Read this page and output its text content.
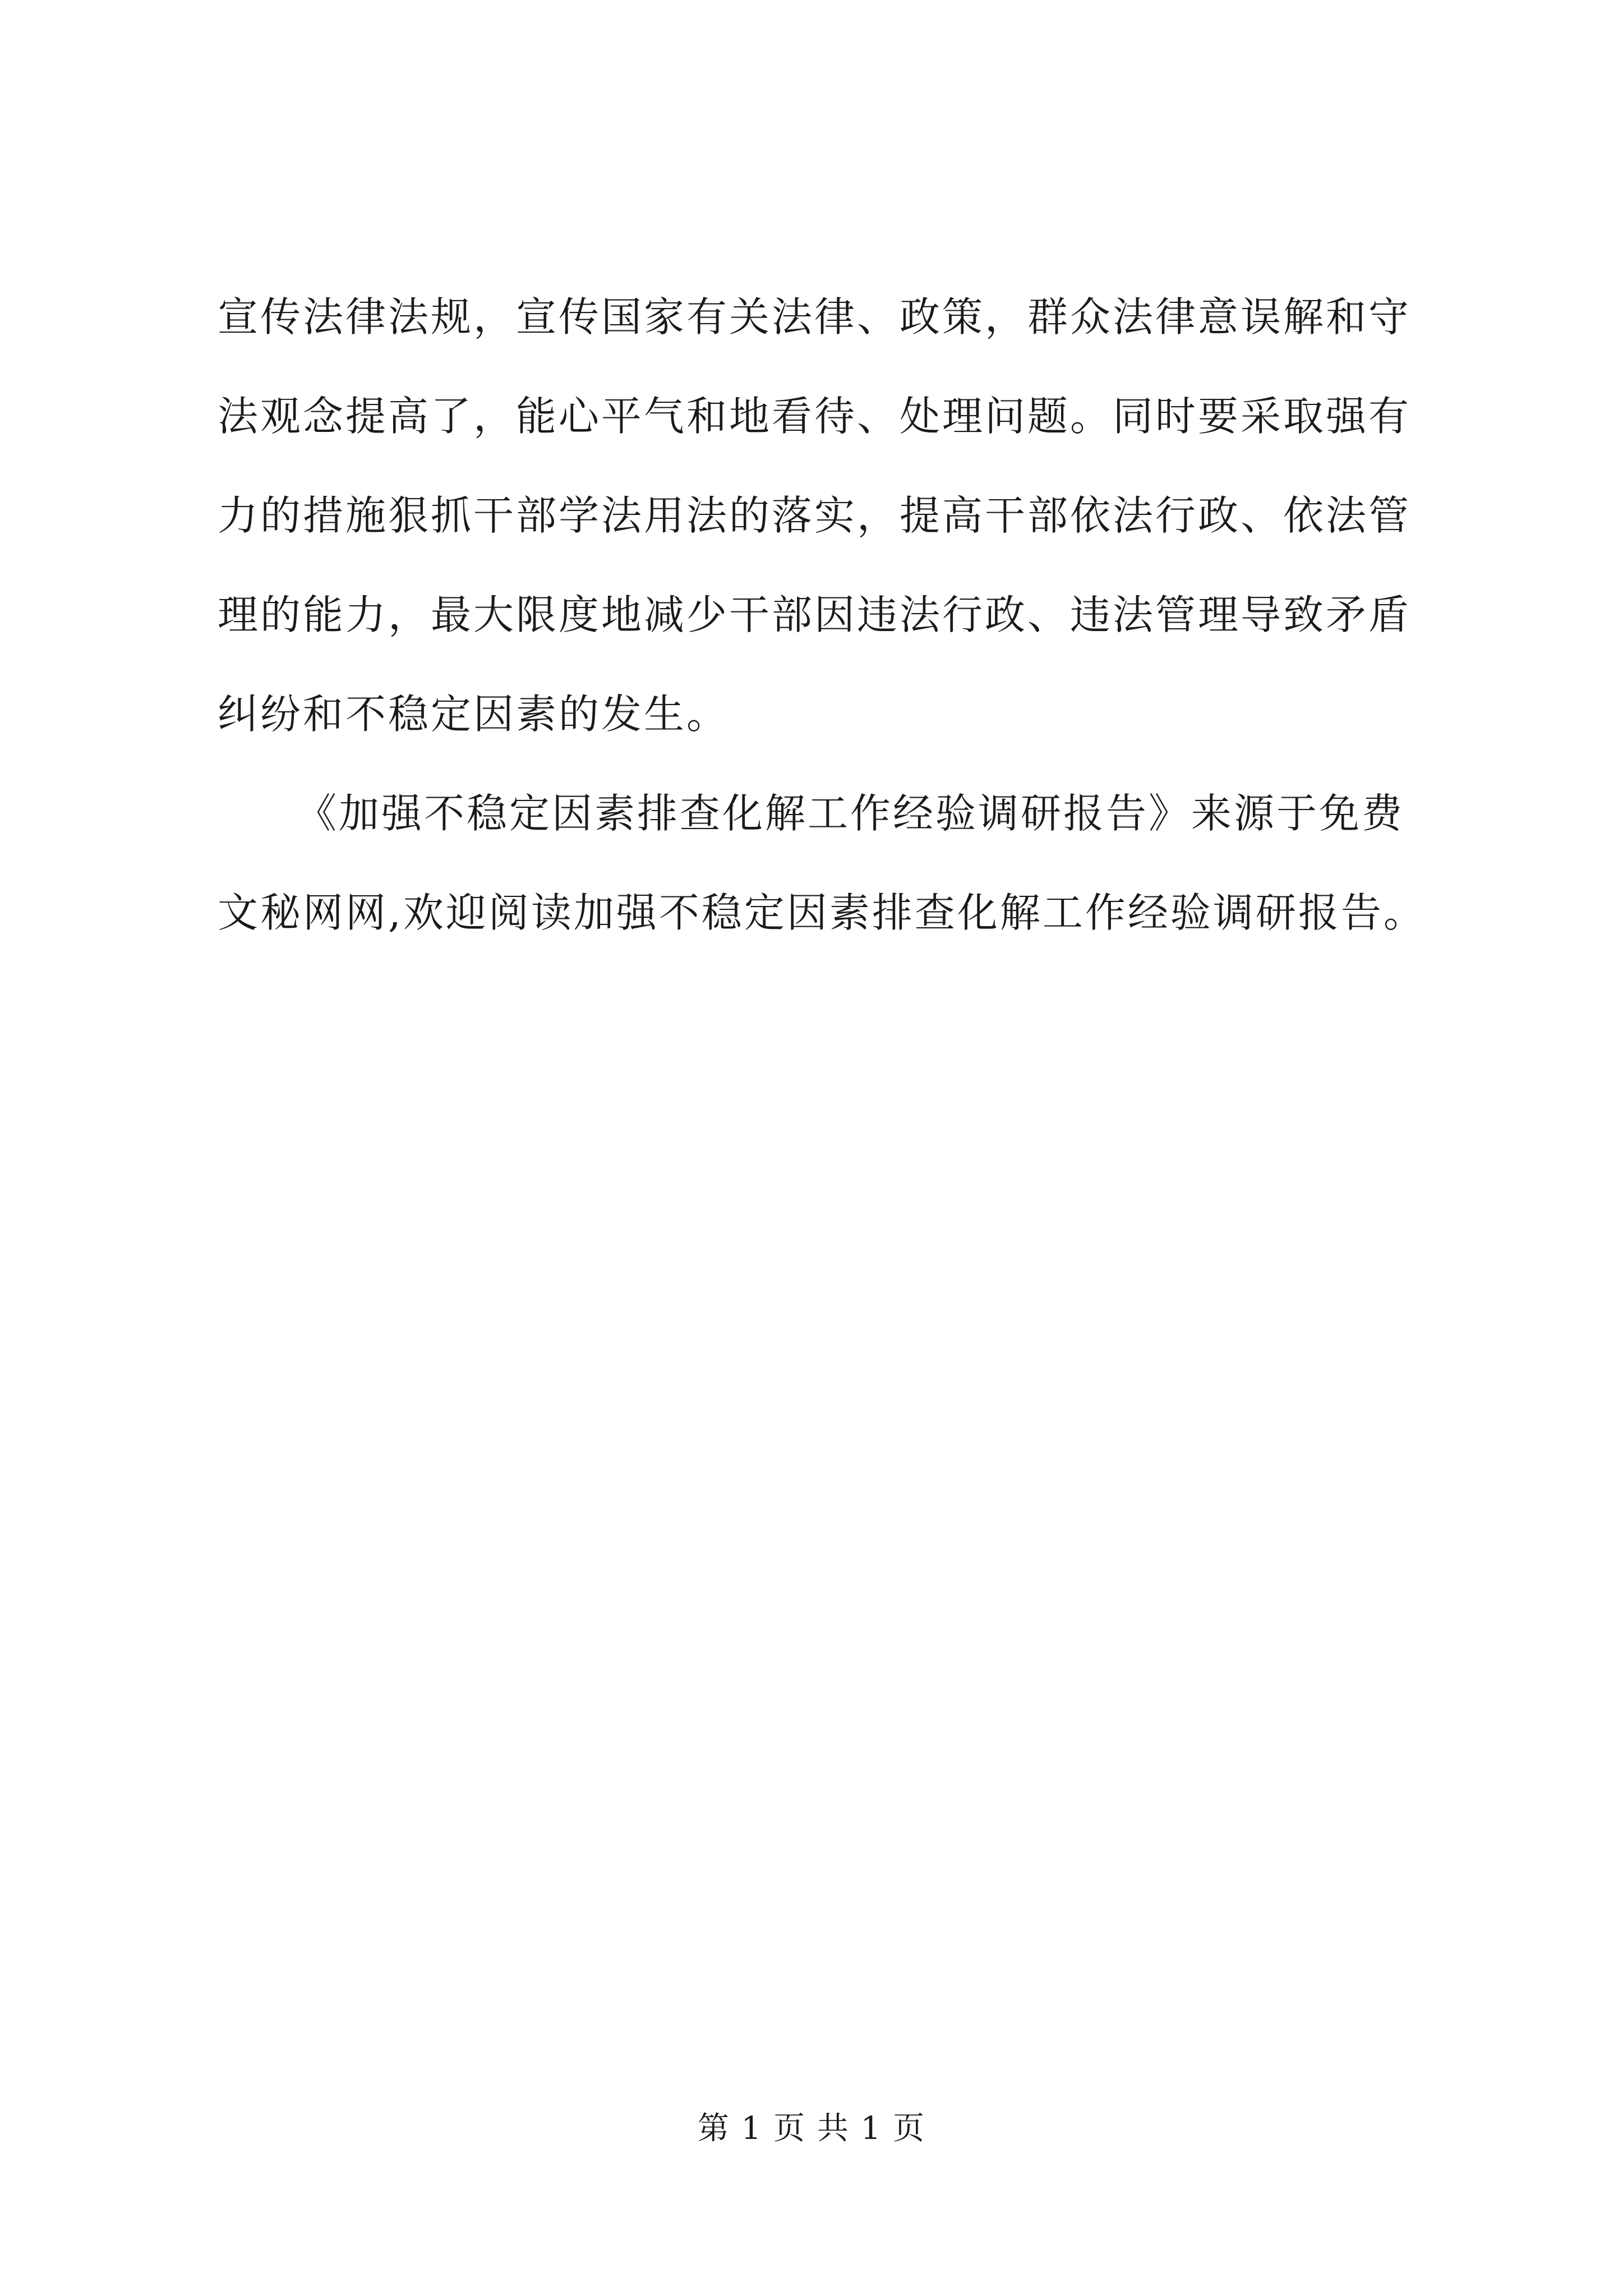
宣传法律法规，宣传国家有关法律、政策，群众法律意误解和守
法观念提高了，能心平气和地看待、处理问题。同时要采取强有
力的措施狠抓干部学法用法的落实，提高干部依法行政、依法管
理的能力，最大限度地减少干部因违法行政、违法管理导致矛盾
纠纷和不稳定因素的发生。
《加强不稳定因素排查化解工作经验调研报告》来源于免费
文秘网网,欢迎阅读加强不稳定因素排查化解工作经验调研报告。
第 1 页 共 1 页
